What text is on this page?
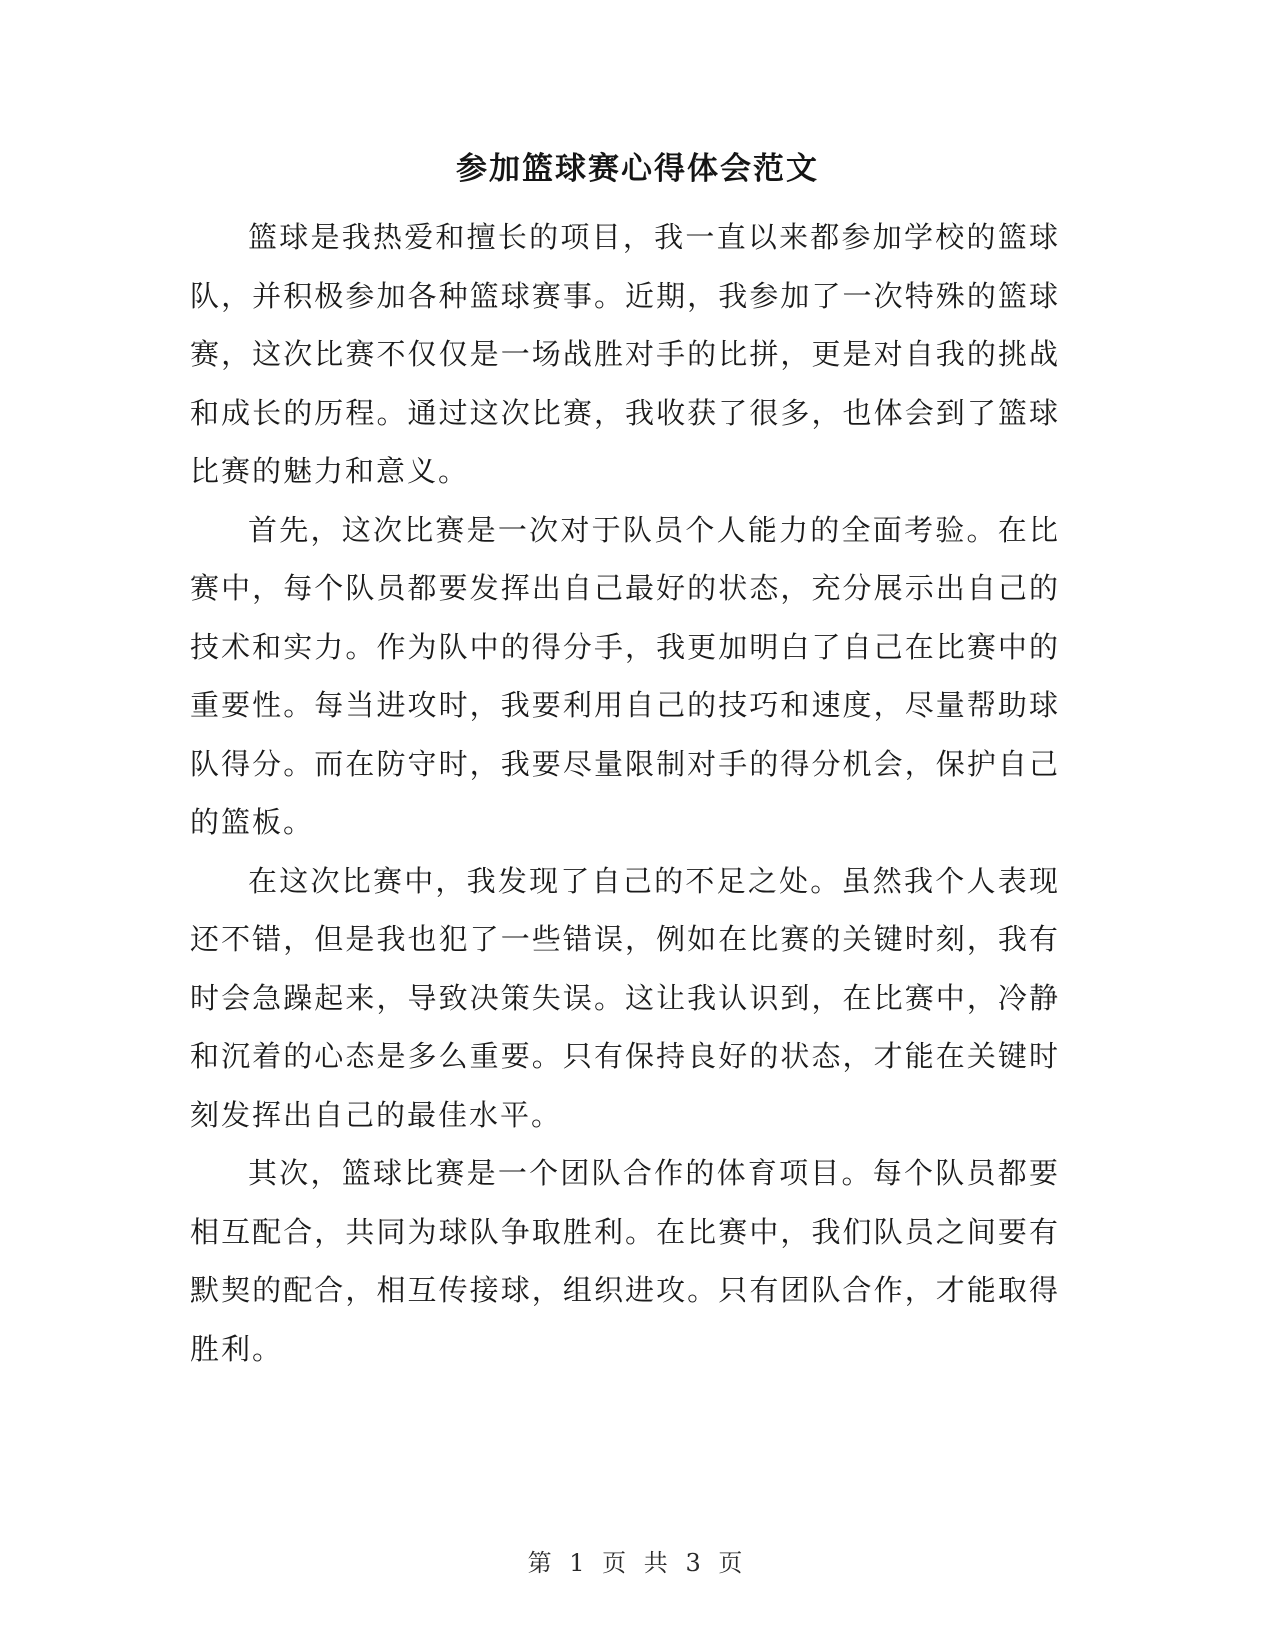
参加篮球赛心得体会范文

篮球是我热爱和擅长的项目，我一直以来都参加学校的篮球队，并积极参加各种篮球赛事。近期，我参加了一次特殊的篮球赛，这次比赛不仅仅是一场战胜对手的比拼，更是对自我的挑战和成长的历程。通过这次比赛，我收获了很多，也体会到了篮球比赛的魅力和意义。

首先，这次比赛是一次对于队员个人能力的全面考验。在比赛中，每个队员都要发挥出自己最好的状态，充分展示出自己的技术和实力。作为队中的得分手，我更加明白了自己在比赛中的重要性。每当进攻时，我要利用自己的技巧和速度，尽量帮助球队得分。而在防守时，我要尽量限制对手的得分机会，保护自己的篮板。

在这次比赛中，我发现了自己的不足之处。虽然我个人表现还不错，但是我也犯了一些错误，例如在比赛的关键时刻，我有时会急躁起来，导致决策失误。这让我认识到，在比赛中，冷静和沉着的心态是多么重要。只有保持良好的状态，才能在关键时刻发挥出自己的最佳水平。

其次，篮球比赛是一个团队合作的体育项目。每个队员都要相互配合，共同为球队争取胜利。在比赛中，我们队员之间要有默契的配合，相互传接球，组织进攻。只有团队合作，才能取得胜利。

第 1 页 共 3 页
